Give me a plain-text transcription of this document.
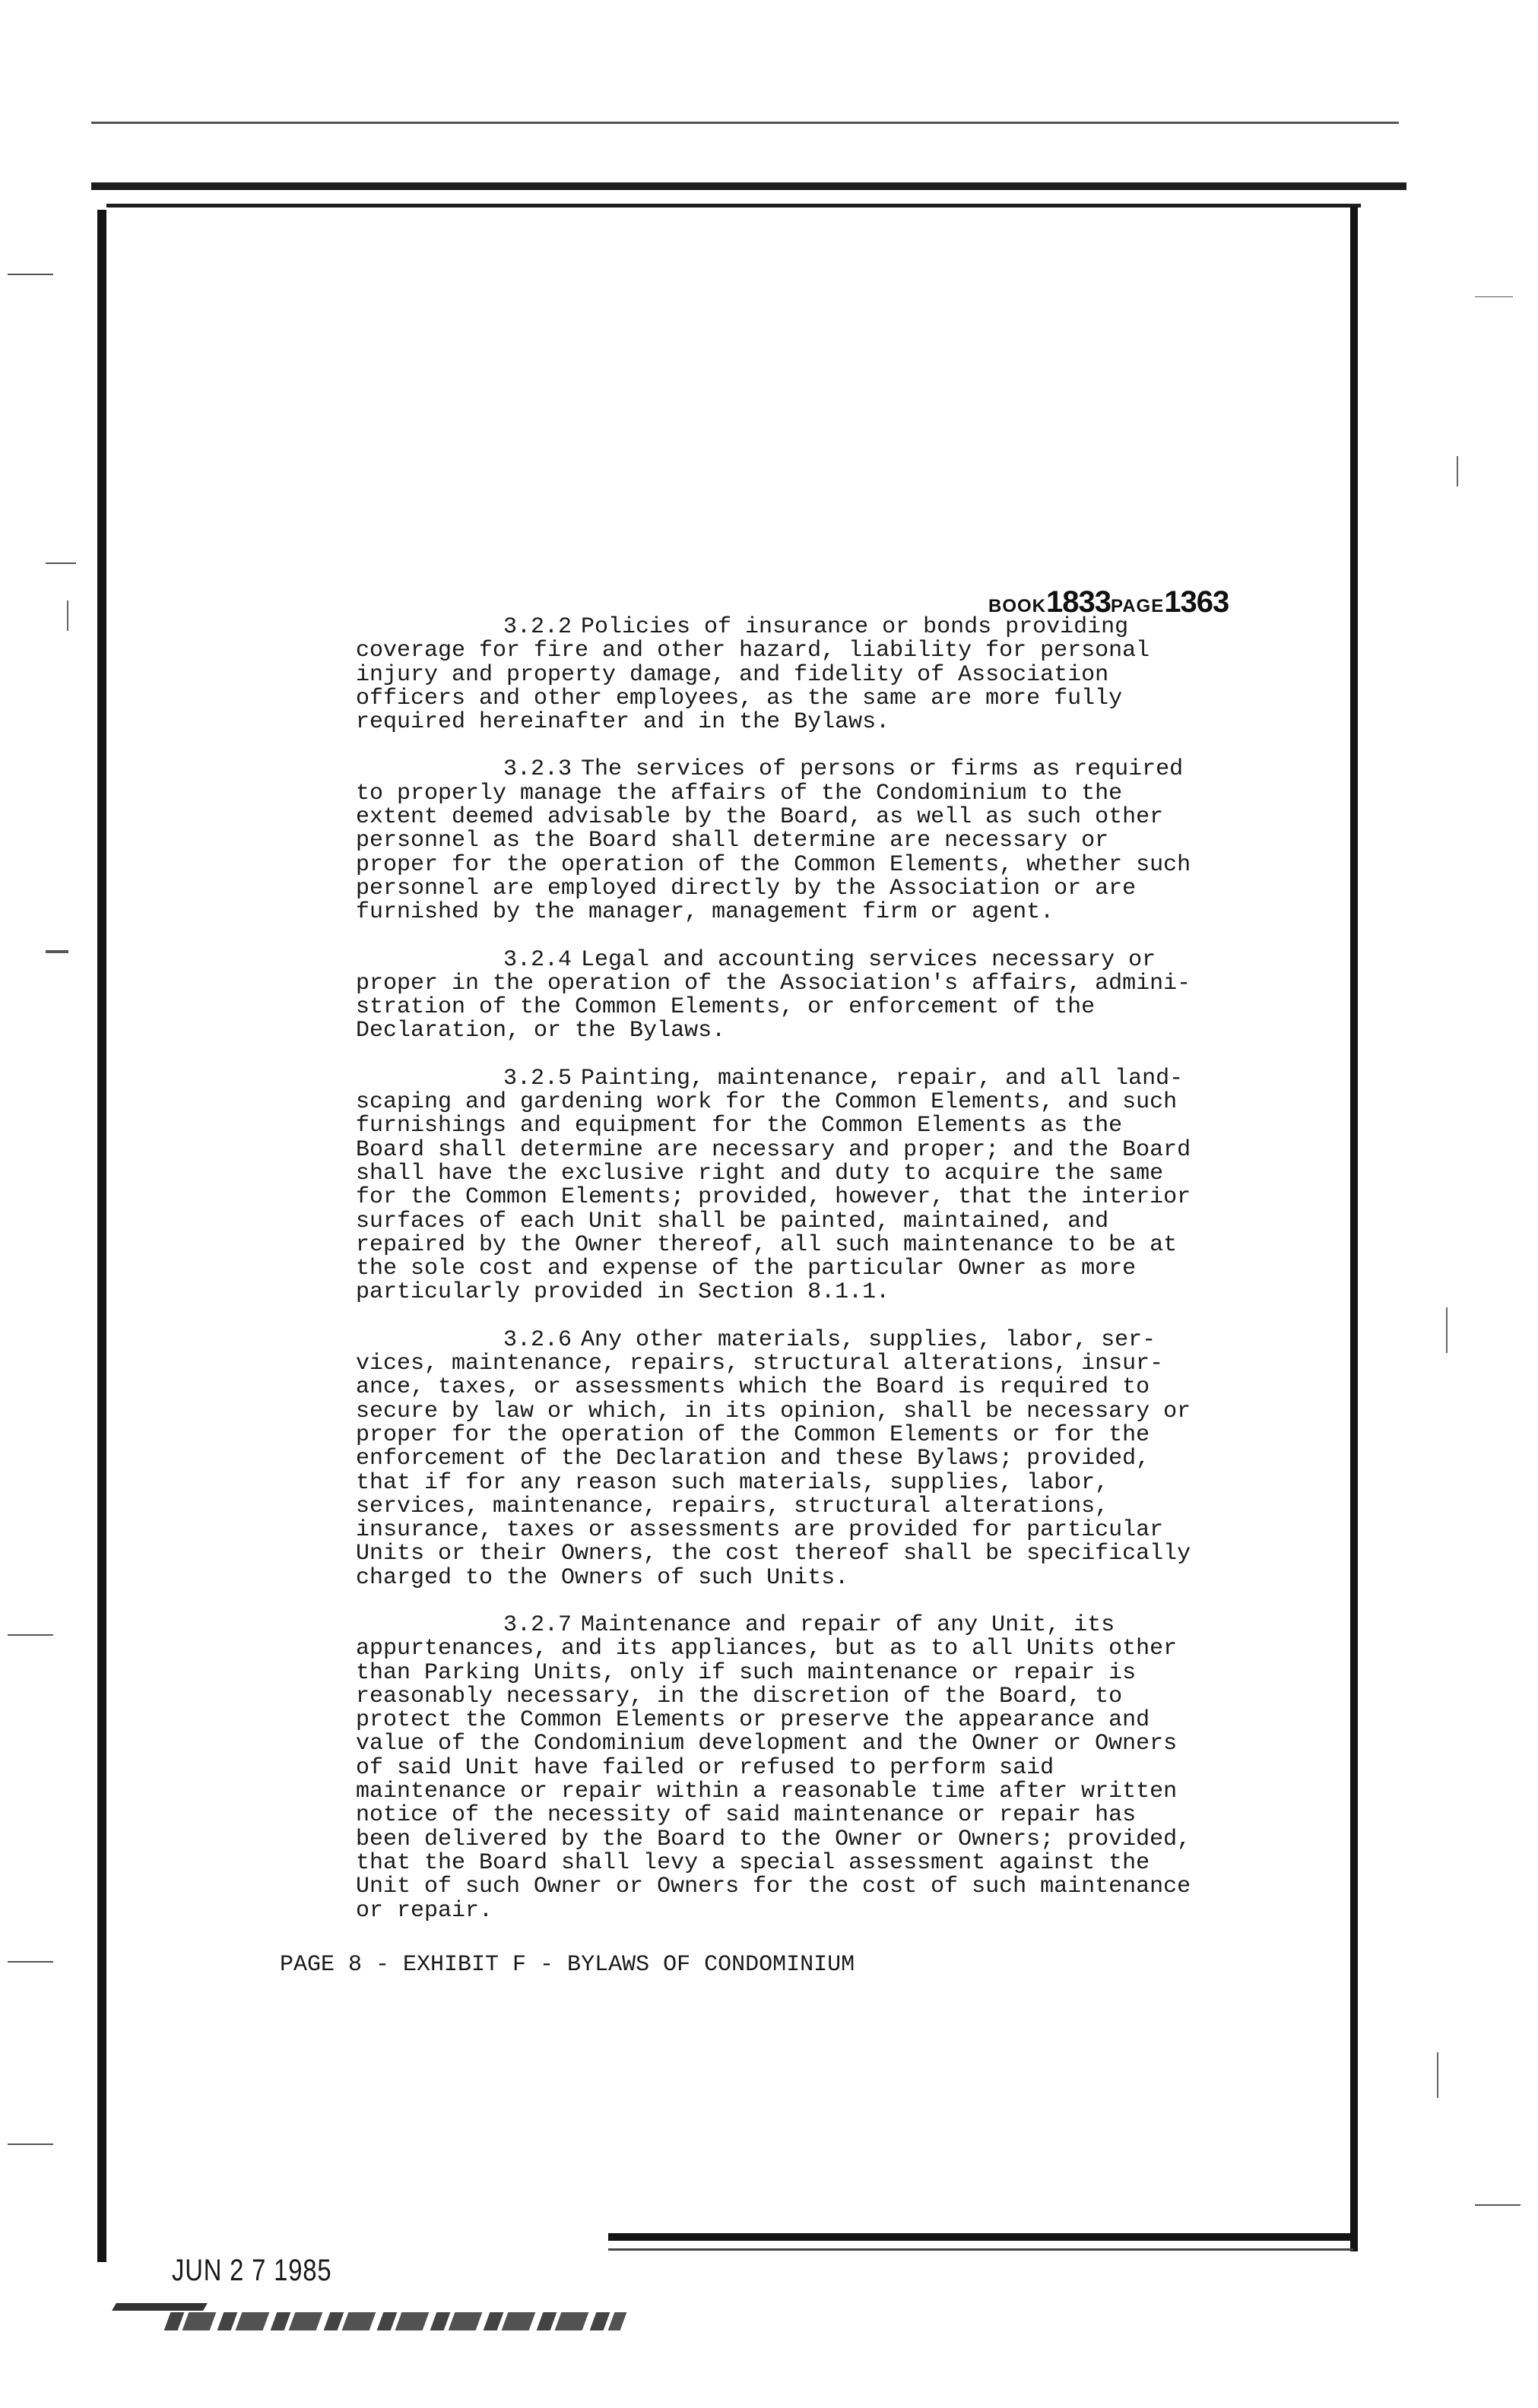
BOOK1833PAGE1363

3.2.2 Policies of insurance or bonds providing
coverage for fire and other hazard, liability for personal
injury and property damage, and fidelity of Association
officers and other employees, as the same are more fully
required hereinafter and in the Bylaws.

3.2.3 The services of persons or firms as required
to properly manage the affairs of the Condominium to the
extent deemed advisable by the Board, as well as such other
personnel as the Board shall determine are necessary or
proper for the operation of the Common Elements, whether such
personnel are employed directly by the Association or are
furnished by the manager, management firm or agent.

3.2.4 Legal and accounting services necessary or
proper in the operation of the Association's affairs, admini-
stration of the Common Elements, or enforcement of the
Declaration, or the Bylaws.

3.2.5 Painting, maintenance, repair, and all land-
scaping and gardening work for the Common Elements, and such
furnishings and equipment for the Common Elements as the
Board shall determine are necessary and proper; and the Board
shall have the exclusive right and duty to acquire the same
for the Common Elements; provided, however, that the interior
surfaces of each Unit shall be painted, maintained, and
repaired by the Owner thereof, all such maintenance to be at
the sole cost and expense of the particular Owner as more
particularly provided in Section 8.1.1.

3.2.6 Any other materials, supplies, labor, ser-
vices, maintenance, repairs, structural alterations, insur-
ance, taxes, or assessments which the Board is required to
secure by law or which, in its opinion, shall be necessary or
proper for the operation of the Common Elements or for the
enforcement of the Declaration and these Bylaws; provided,
that if for any reason such materials, supplies, labor,
services, maintenance, repairs, structural alterations,
insurance, taxes or assessments are provided for particular
Units or their Owners, the cost thereof shall be specifically
charged to the Owners of such Units.

3.2.7 Maintenance and repair of any Unit, its
appurtenances, and its appliances, but as to all Units other
than Parking Units, only if such maintenance or repair is
reasonably necessary, in the discretion of the Board, to
protect the Common Elements or preserve the appearance and
value of the Condominium development and the Owner or Owners
of said Unit have failed or refused to perform said
maintenance or repair within a reasonable time after written
notice of the necessity of said maintenance or repair has
been delivered by the Board to the Owner or Owners; provided,
that the Board shall levy a special assessment against the
Unit of such Owner or Owners for the cost of such maintenance
or repair.

PAGE 8 - EXHIBIT F - BYLAWS OF CONDOMINIUM
JUN 2 7 1985
